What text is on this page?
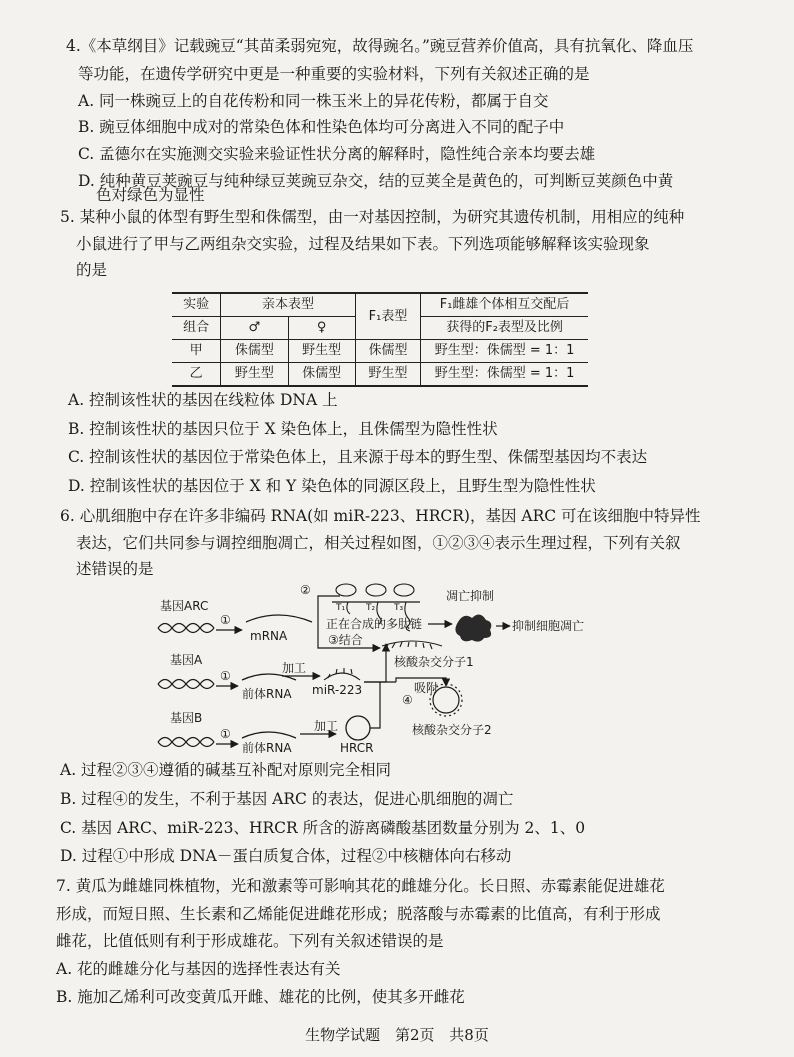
4.《本草纲目》记载豌豆“其苗柔弱宛宛，故得豌名。”豌豆营养价值高，具有抗氧化、降血压
等功能，在遗传学研究中更是一种重要的实验材料，下列有关叙述正确的是
A. 同一株豌豆上的自花传粉和同一株玉米上的异花传粉，都属于自交
B. 豌豆体细胞中成对的常染色体和性染色体均可分离进入不同的配子中
C. 孟德尔在实施测交实验来验证性状分离的解释时，隐性纯合亲本均要去雄
D. 纯种黄豆荚豌豆与纯种绿豆荚豌豆杂交，结的豆荚全是黄色的，可判断豆荚颜色中黄
色对绿色为显性
5. 某种小鼠的体型有野生型和侏儒型，由一对基因控制，为研究其遗传机制，用相应的纯种
小鼠进行了甲与乙两组杂交实验，过程及结果如下表。下列选项能够解释该实验现象
的是
实验	亲本表型		F₁表型	F₁雌雄个体相互交配后
组合	♂	♀		获得的F₂表型及比例
甲	侏儒型	野生型	侏儒型	野生型：侏儒型 = 1：1
乙	野生型	侏儒型	野生型	野生型：侏儒型 = 1：1
A. 控制该性状的基因在线粒体 DNA 上
B. 控制该性状的基因只位于 X 染色体上，且侏儒型为隐性性状
C. 控制该性状的基因位于常染色体上，且来源于母本的野生型、侏儒型基因均不表达
D. 控制该性状的基因位于 X 和 Y 染色体的同源区段上，且野生型为隐性性状
6. 心肌细胞中存在许多非编码 RNA(如 miR-223、HRCR)，基因 ARC 可在该细胞中特异性
表达，它们共同参与调控细胞凋亡，相关过程如图，①②③④表示生理过程，下列有关叙
述错误的是
基因ARC
①
mRNA
②
③结合
T₁ T₂ T₃
正在合成的多肽链
凋亡抑制
抑制细胞凋亡
核酸杂交分子1
基因A
①
前体RNA
加工
miR-223	吸附
④
核酸杂交分子2
基因B
①
前体RNA
加工
HRCR
A. 过程②③④遵循的碱基互补配对原则完全相同
B. 过程④的发生，不利于基因 ARC 的表达，促进心肌细胞的凋亡
C. 基因 ARC、miR-223、HRCR 所含的游离磷酸基团数量分别为 2、1、0
D. 过程①中形成 DNA－蛋白质复合体，过程②中核糖体向右移动
7. 黄瓜为雌雄同株植物，光和激素等可影响其花的雌雄分化。长日照、赤霉素能促进雄花
形成，而短日照、生长素和乙烯能促进雌花形成；脱落酸与赤霉素的比值高，有利于形成
雌花，比值低则有利于形成雄花。下列有关叙述错误的是
A. 花的雌雄分化与基因的选择性表达有关
B. 施加乙烯利可改变黄瓜开雌、雄花的比例，使其多开雌花
生物学试题 第2页 共8页
